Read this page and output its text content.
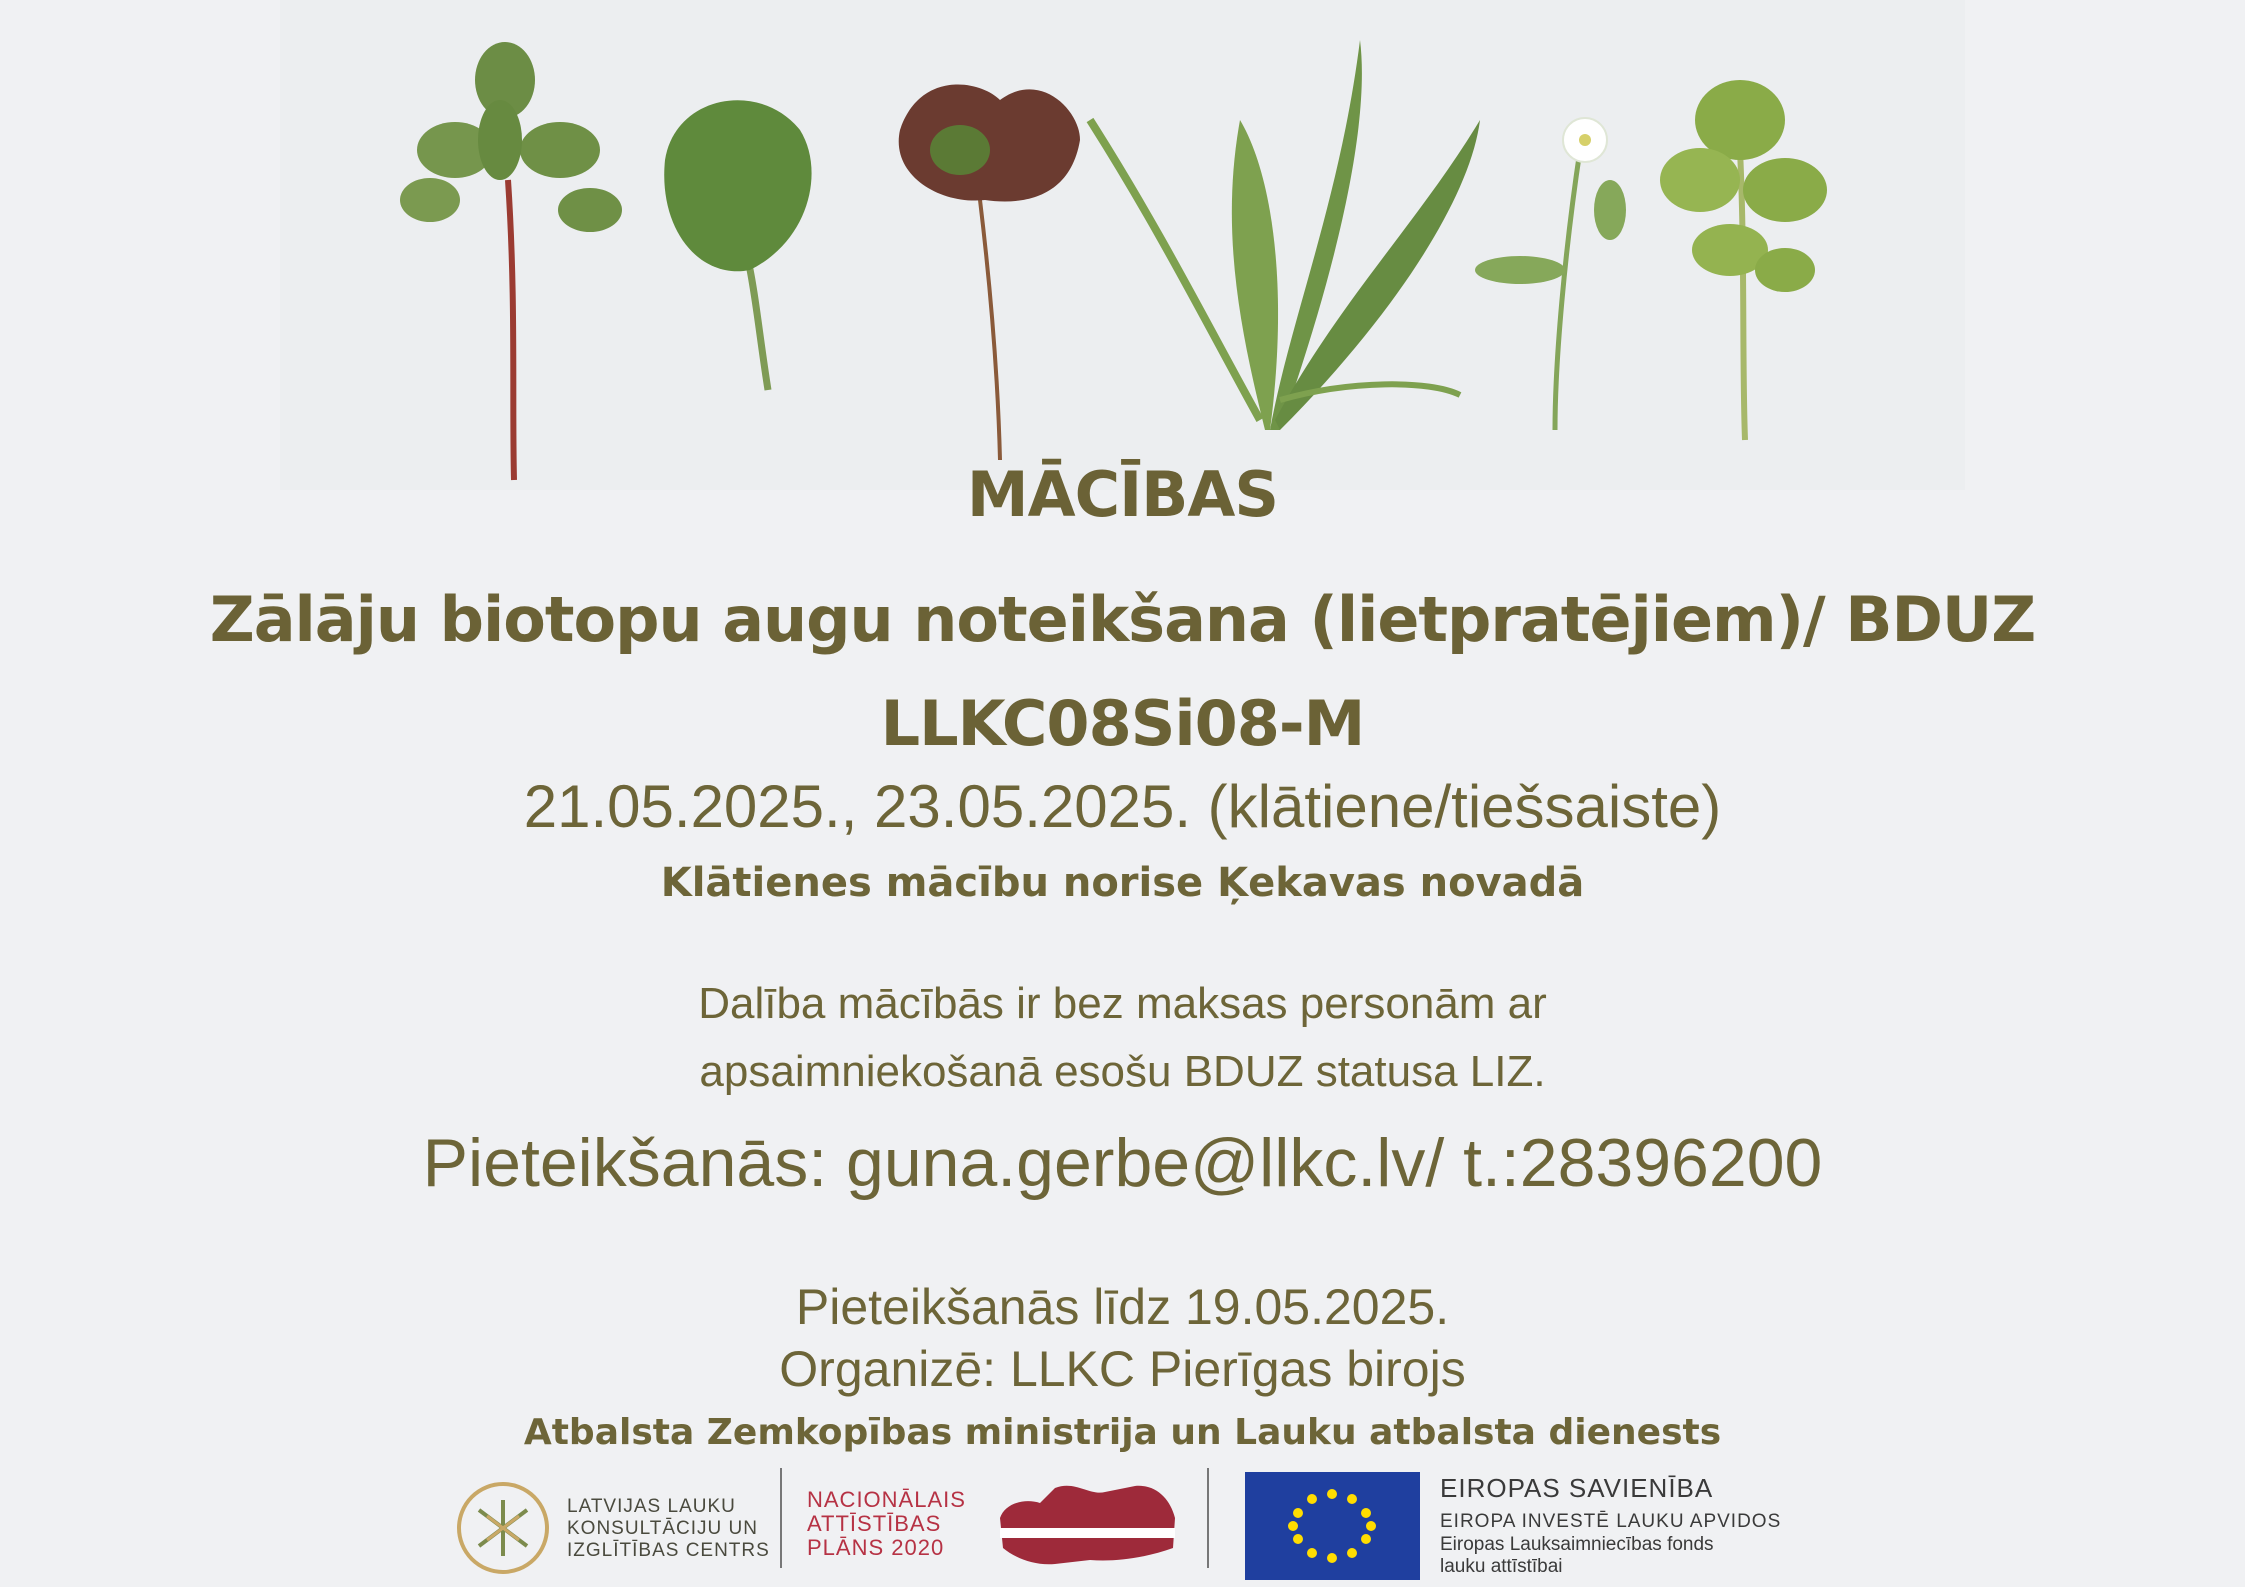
MĀCĪBAS
Zālāju biotopu augu noteikšana (lietpratējiem)/ BDUZ
LLKC08Si08-M
21.05.2025., 23.05.2025. (klātiene/tiešsaiste)
Klātienes mācību norise Ķekavas novadā
Dalība mācībās ir bez maksas personām ar
apsaimniekošanā esošu BDUZ statusa LIZ.
Pieteikšanās: guna.gerbe@llkc.lv/ t.:28396200
Pieteikšanās līdz 19.05.2025.
Organizē: LLKC Pierīgas birojs
Atbalsta Zemkopības ministrija un Lauku atbalsta dienests
LATVIJAS LAUKU
KONSULTĀCIJU UN
IZGLĪTĪBAS CENTRS
NACIONĀLAIS
ATTĪSTĪBAS
PLĀNS 2020
EIROPAS SAVIENĪBA
EIROPA INVESTĒ LAUKU APVIDOS
Eiropas Lauksaimniecības fonds
lauku attīstībai
